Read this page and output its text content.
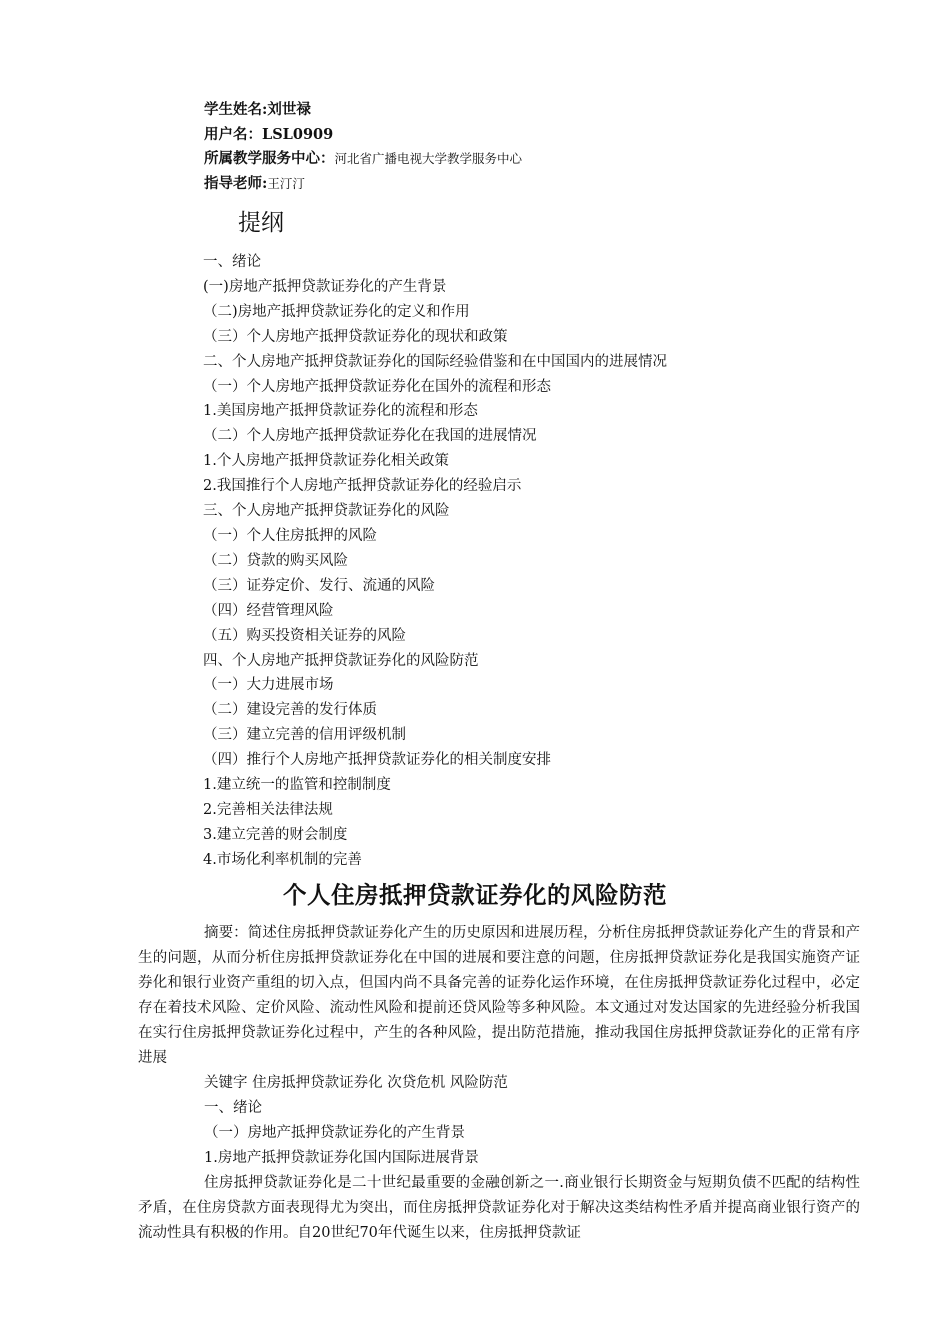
学生姓名:刘世禄
用户名：LSL0909
所属教学服务中心：河北省广播电视大学教学服务中心
指导老师:王汀汀
提纲
一、绪论
(一)房地产抵押贷款证券化的产生背景
（二)房地产抵押贷款证券化的定义和作用
（三）个人房地产抵押贷款证券化的现状和政策
二、个人房地产抵押贷款证券化的国际经验借鉴和在中国国内的进展情况
（一）个人房地产抵押贷款证券化在国外的流程和形态
1.美国房地产抵押贷款证券化的流程和形态
（二）个人房地产抵押贷款证券化在我国的进展情况
1.个人房地产抵押贷款证券化相关政策
2.我国推行个人房地产抵押贷款证券化的经验启示
三、个人房地产抵押贷款证券化的风险
（一）个人住房抵押的风险
（二）贷款的购买风险
（三）证券定价、发行、流通的风险
（四）经营管理风险
（五）购买投资相关证券的风险
四、个人房地产抵押贷款证券化的风险防范
（一）大力进展市场
（二）建设完善的发行体质
（三）建立完善的信用评级机制
（四）推行个人房地产抵押贷款证券化的相关制度安排
1.建立统一的监管和控制制度
2.完善相关法律法规
3.建立完善的财会制度
4.市场化利率机制的完善
个人住房抵押贷款证券化的风险防范

摘要：简述住房抵押贷款证券化产生的历史原因和进展历程，分析住房抵押贷款证券化产生的背景和产生的问题，从而分析住房抵押贷款证券化在中国的进展和要注意的问题，住房抵押贷款证券化是我国实施资产证券化和银行业资产重组的切入点，但国内尚不具备完善的证券化运作环境，在住房抵押贷款证券化过程中，必定存在着技术风险、定价风险、流动性风险和提前还贷风险等多种风险。本文通过对发达国家的先进经验分析我国在实行住房抵押贷款证券化过程中，产生的各种风险，提出防范措施，推动我国住房抵押贷款证券化的正常有序进展

关键字 住房抵押贷款证券化 次贷危机 风险防范
一、绪论
（一）房地产抵押贷款证券化的产生背景
1.房地产抵押贷款证券化国内国际进展背景

住房抵押贷款证券化是二十世纪最重要的金融创新之一.商业银行长期资金与短期负债不匹配的结构性矛盾，在住房贷款方面表现得尤为突出，而住房抵押贷款证券化对于解决这类结构性矛盾并提高商业银行资产的流动性具有积极的作用。自20世纪70年代诞生以来，住房抵押贷款证
